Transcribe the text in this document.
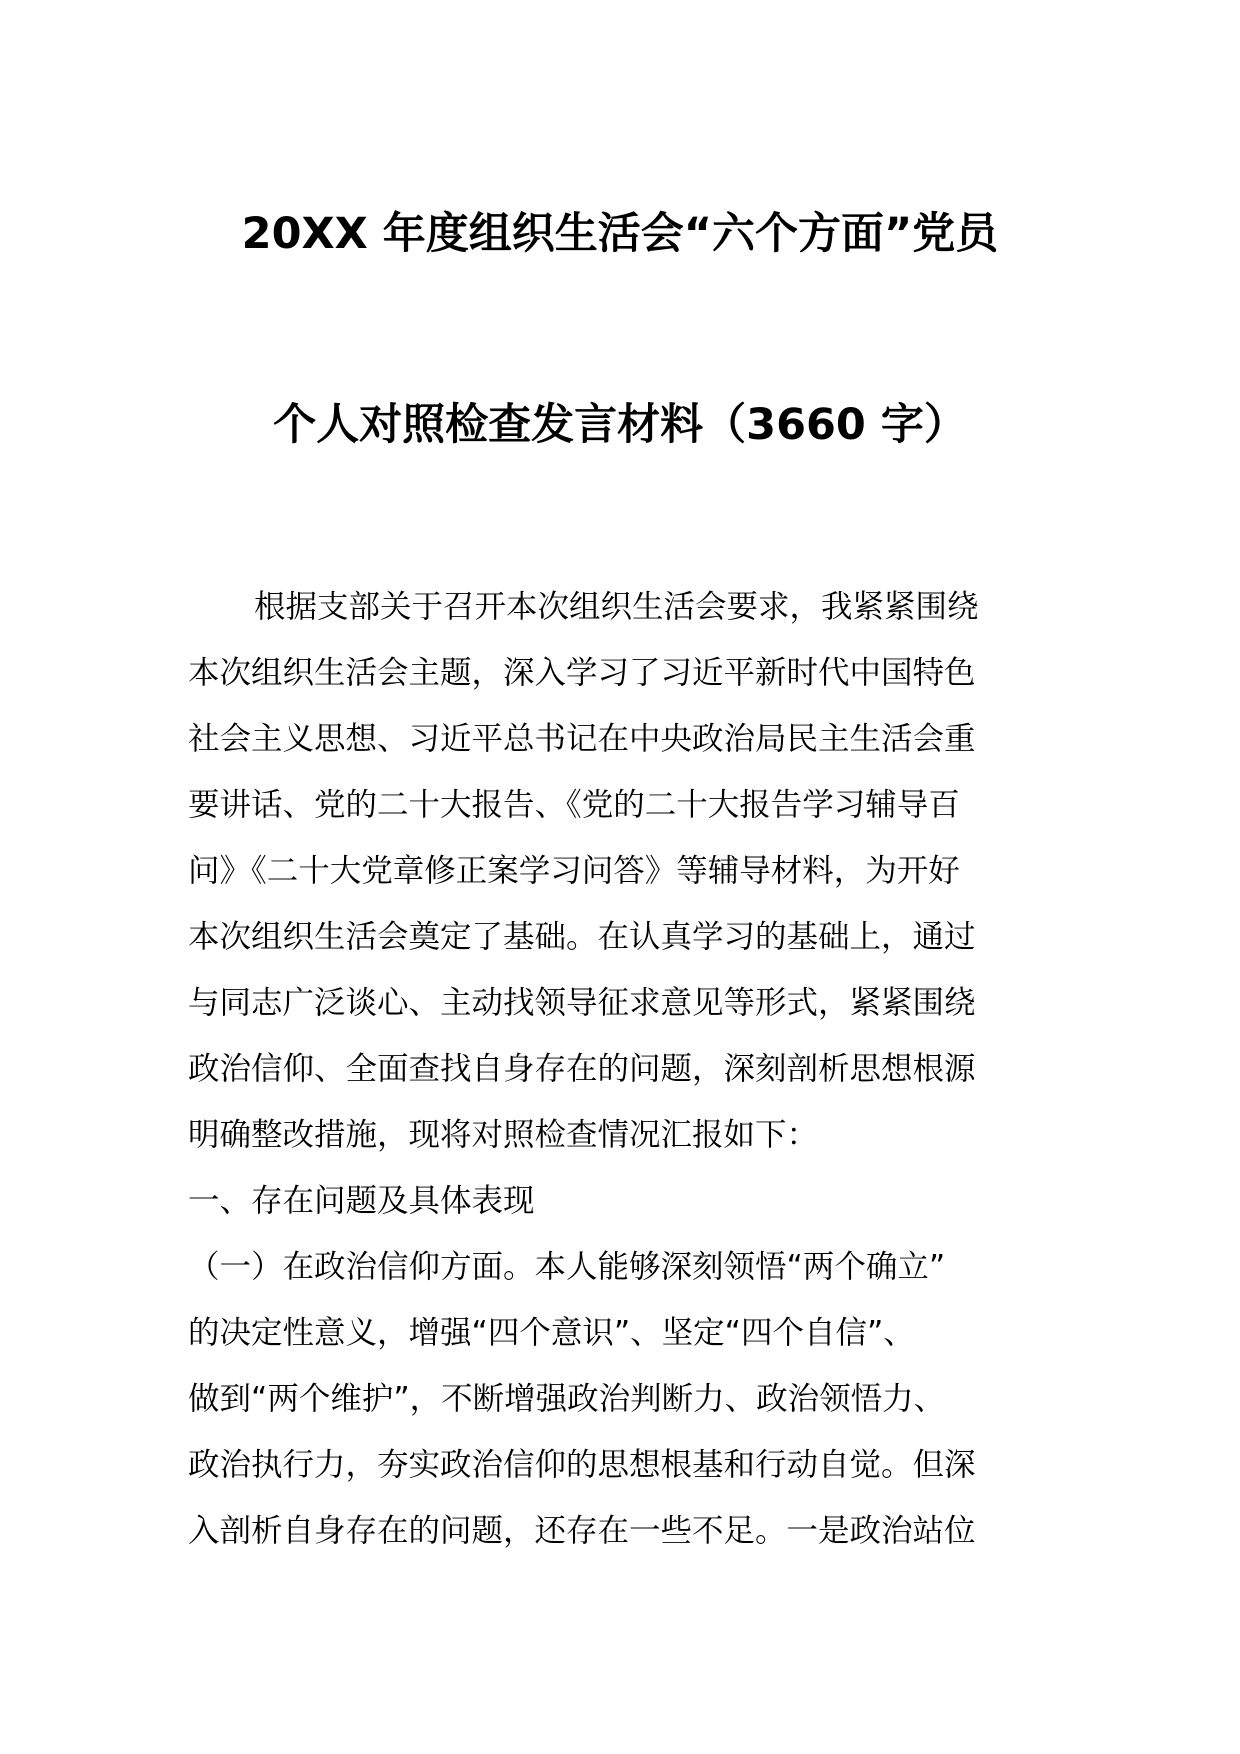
20XX 年度组织生活会“六个方面”党员
个人对照检查发言材料（3660 字）
根据支部关于召开本次组织生活会要求，我紧紧围绕
本次组织生活会主题，深入学习了习近平新时代中国特色
社会主义思想、习近平总书记在中央政治局民主生活会重
要讲话、党的二十大报告、《党的二十大报告学习辅导百
问》《二十大党章修正案学习问答》等辅导材料，为开好
本次组织生活会奠定了基础。在认真学习的基础上，通过
与同志广泛谈心、主动找领导征求意见等形式，紧紧围绕
政治信仰、全面查找自身存在的问题，深刻剖析思想根源
明确整改措施，现将对照检查情况汇报如下：
一、存在问题及具体表现
（一）在政治信仰方面。本人能够深刻领悟“两个确立”
的决定性意义，增强“四个意识”、坚定“四个自信”、
做到“两个维护”，不断增强政治判断力、政治领悟力、
政治执行力，夯实政治信仰的思想根基和行动自觉。但深
入剖析自身存在的问题，还存在一些不足。一是政治站位
